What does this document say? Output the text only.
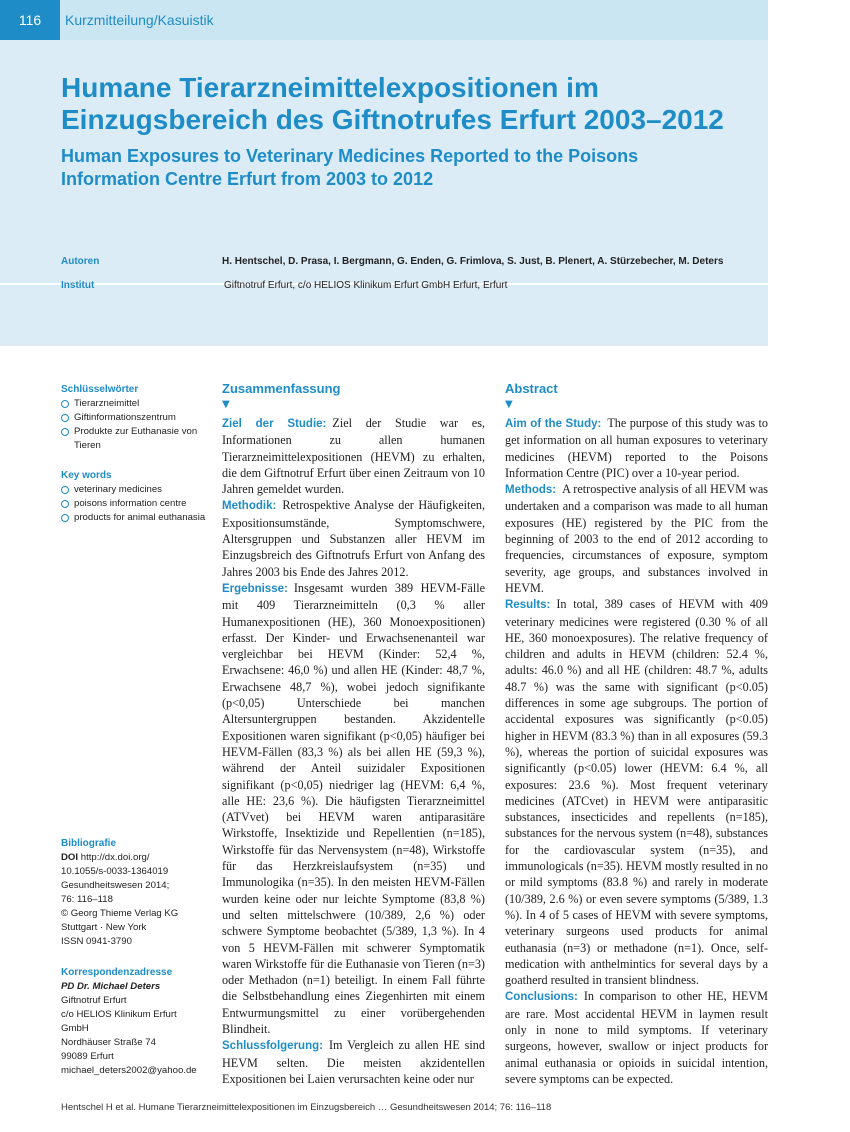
116	Kurzmitteilung/Kasuistik
Humane Tierarzneimittelexpositionen im
Einzugsbereich des Giftnotrufes Erfurt 2003–2012
Human Exposures to Veterinary Medicines Reported to the Poisons
Information Centre Erfurt from 2003 to 2012
Autoren	H. Hentschel, D. Prasa, I. Bergmann, G. Enden, G. Frimlova, S. Just, B. Plenert, A. Stürzebecher, M. Deters
Institut	Giftnotruf Erfurt, c/o HELIOS Klinikum Erfurt GmbH Erfurt, Erfurt
Schlüsselwörter
Tierarzneimittel
Giftinformationszentrum
Produkte zur Euthanasie von Tieren
Key words
veterinary medicines
poisons information centre
products for animal euthanasia
Bibliografie
DOI http://dx.doi.org/
10.1055/s-0033-1364019
Gesundheitswesen 2014;
76: 116–118
© Georg Thieme Verlag KG
Stuttgart · New York
ISSN 0941-3790
Korrespondenzadresse
PD Dr. Michael Deters
Giftnotruf Erfurt
c/o HELIOS Klinikum Erfurt
GmbH
Nordhäuser Straße 74
99089 Erfurt
michael_deters2002@yahoo.de
Zusammenfassung
▼

Ziel der Studie: Ziel der Studie war es, Informationen zu allen humanen Tierarzneimittelexpositionen (HEVM) zu erhalten, die dem Giftnotruf Erfurt über einen Zeitraum von 10 Jahren gemeldet wurden.

Methodik: Retrospektive Analyse der Häufigkeiten, Expositionsumstände, Symptomschwere, Altersgruppen und Substanzen aller HEVM im Einzugsbreich des Giftnotrufs Erfurt von Anfang des Jahres 2003 bis Ende des Jahres 2012.

Ergebnisse: Insgesamt wurden 389 HEVM-Fälle mit 409 Tierarzneimitteln (0,3 % aller Humanexpositionen (HE), 360 Monoexpositionen) erfasst. Der Kinder- und Erwachsenenanteil war vergleichbar bei HEVM (Kinder: 52,4 %, Erwachsene: 46,0 %) und allen HE (Kinder: 48,7 %, Erwachsene 48,7 %), wobei jedoch signifikante (p<0,05) Unterschiede bei manchen Altersuntergruppen bestanden. Akzidentelle Expositionen waren signifikant (p<0,05) häufiger bei HEVM-Fällen (83,3 %) als bei allen HE (59,3 %), während der Anteil suizidaler Expositionen signifikant (p<0,05) niedriger lag (HEVM: 6,4 %, alle HE: 23,6 %). Die häufigsten Tierarzneimittel (ATVvet) bei HEVM waren antiparasitäre Wirkstoffe, Insektizide und Repellentien (n=185), Wirkstoffe für das Nervensystem (n=48), Wirkstoffe für das Herzkreislaufsystem (n=35) und Immunologika (n=35). In den meisten HEVM-Fällen wurden keine oder nur leichte Symptome (83,8 %) und selten mittelschwere (10/389, 2,6 %) oder schwere Symptome beobachtet (5/389, 1,3 %). In 4 von 5 HEVM-Fällen mit schwerer Symptomatik waren Wirkstoffe für die Euthanasie von Tieren (n=3) oder Methadon (n=1) beteiligt. In einem Fall führte die Selbstbehandlung eines Ziegenhirten mit einem Entwurmungsmittel zu einer vorübergehenden Blindheit.

Schlussfolgerung: Im Vergleich zu allen HE sind HEVM selten. Die meisten akzidentellen Expositionen bei Laien verursachten keine oder nur

Abstract
▼

Aim of the Study: The purpose of this study was to get information on all human exposures to veterinary medicines (HEVM) reported to the Poisons Information Centre (PIC) over a 10-year period.

Methods: A retrospective analysis of all HEVM was undertaken and a comparison was made to all human exposures (HE) registered by the PIC from the beginning of 2003 to the end of 2012 according to frequencies, circumstances of exposure, symptom severity, age groups, and substances involved in HEVM.

Results: In total, 389 cases of HEVM with 409 veterinary medicines were registered (0.30 % of all HE, 360 monoexposures). The relative frequency of children and adults in HEVM (children: 52.4 %, adults: 46.0 %) and all HE (children: 48.7 %, adults 48.7 %) was the same with significant (p<0.05) differences in some age subgroups. The portion of accidental exposures was significantly (p<0.05) higher in HEVM (83.3 %) than in all exposures (59.3 %), whereas the portion of suicidal exposures was significantly (p<0.05) lower (HEVM: 6.4 %, all exposures: 23.6 %). Most frequent veterinary medicines (ATCvet) in HEVM were antiparasitic substances, insecticides and repellents (n=185), substances for the nervous system (n=48), substances for the cardiovascular system (n=35), and immunologicals (n=35). HEVM mostly resulted in no or mild symptoms (83.8 %) and rarely in moderate (10/389, 2.6 %) or even severe symptoms (5/389, 1.3 %). In 4 of 5 cases of HEVM with severe symptoms, veterinary surgeons used products for animal euthanasia (n=3) or methadone (n=1). Once, self-medication with anthelmintics for several days by a goatherd resulted in transient blindness.

Conclusions: In comparison to other HE, HEVM are rare. Most accidental HEVM in laymen result only in none to mild symptoms. If veterinary surgeons, however, swallow or inject products for animal euthanasia or opioids in suicidal intention, severe symptoms can be expected.

Hentschel H et al. Humane Tierarzneimittelexpositionen im Einzugsbereich … Gesundheitswesen 2014; 76: 116–118
